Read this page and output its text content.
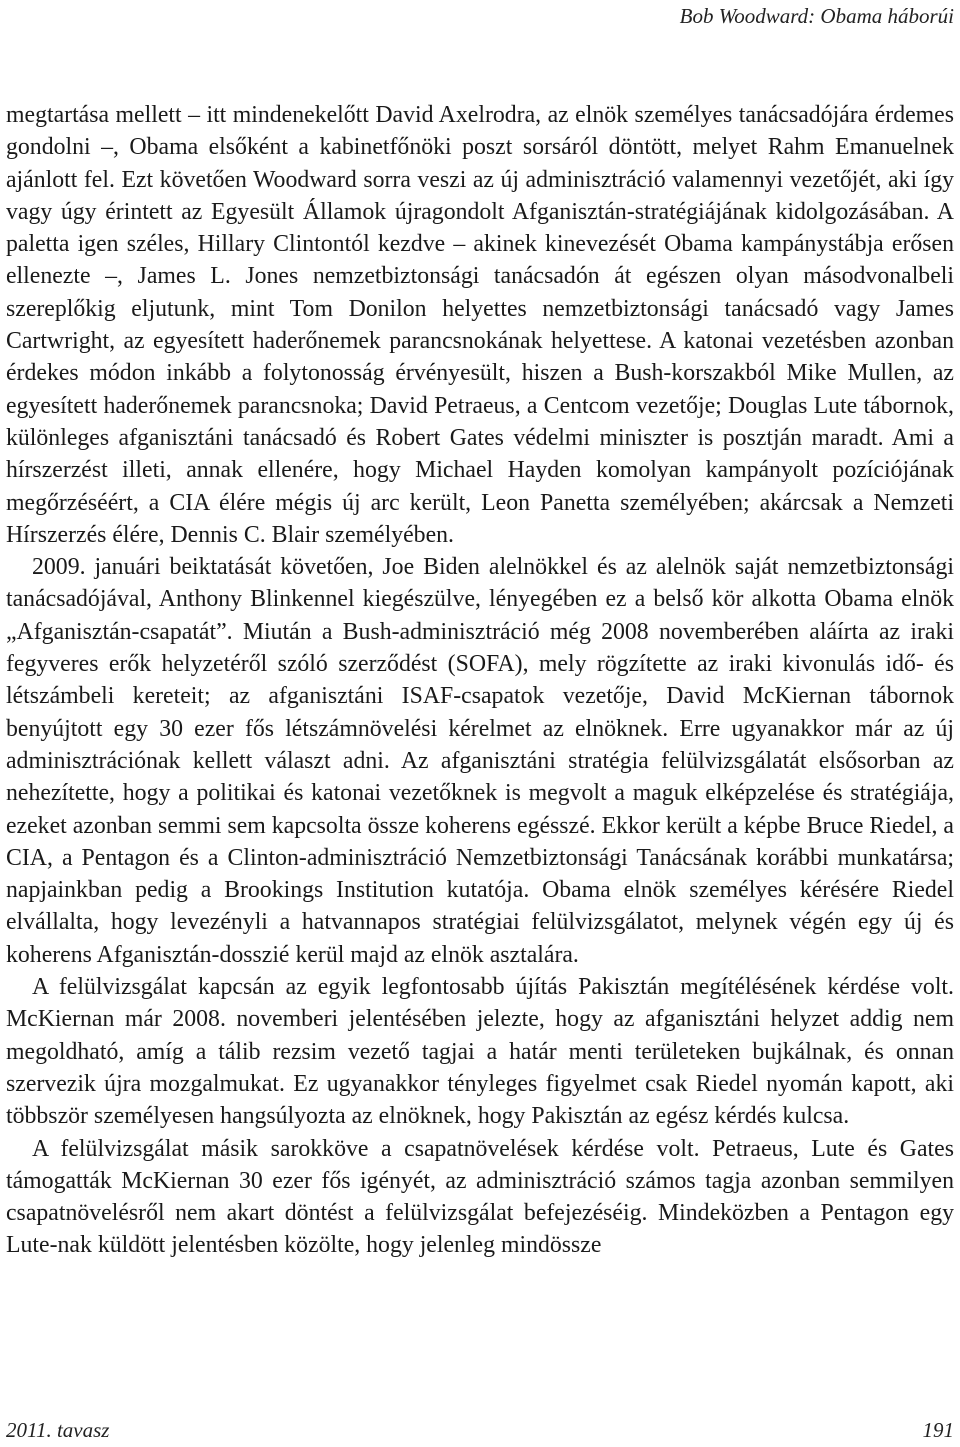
Bob Woodward: Obama háborúi

megtartása mellett – itt mindenekelőtt David Axelrodra, az elnök személyes tanácsadójára érdemes gondolni –, Obama elsőként a kabinetfőnöki poszt sorsáról döntött, melyet Rahm Emanuelnek ajánlott fel. Ezt követően Woodward sorra veszi az új adminisztráció valamennyi vezetőjét, aki így vagy úgy érintett az Egyesült Államok újragondolt Afganisztán-stratégiájának kidolgozásában. A paletta igen széles, Hillary Clintontól kezdve – akinek kinevezését Obama kampánystábja erősen ellenezte –, James L. Jones nemzetbiztonsági tanácsadón át egészen olyan másodvonalbeli szereplőkig eljutunk, mint Tom Donilon helyettes nemzetbiztonsági tanácsadó vagy James Cartwright, az egyesített haderőnemek parancsnokának helyettese. A katonai vezetésben azonban érdekes módon inkább a folytonosság érvényesült, hiszen a Bush-korszakból Mike Mullen, az egyesített haderőnemek parancsnoka; David Petraeus, a Centcom vezetője; Douglas Lute tábornok, különleges afganisztáni tanácsadó és Robert Gates védelmi miniszter is posztján maradt. Ami a hírszerzést illeti, annak ellenére, hogy Michael Hayden komolyan kampányolt pozíciójának megőrzéséért, a CIA élére mégis új arc került, Leon Panetta személyében; akárcsak a Nemzeti Hírszerzés élére, Dennis C. Blair személyében.

2009. januári beiktatását követően, Joe Biden alelnökkel és az alelnök saját nemzetbiztonsági tanácsadójával, Anthony Blinkennel kiegészülve, lényegében ez a belső kör alkotta Obama elnök „Afganisztán-csapatát”. Miután a Bush-adminisztráció még 2008 novemberében aláírta az iraki fegyveres erők helyzetéről szóló szerződést (SOFA), mely rögzítette az iraki kivonulás idő- és létszámbeli kereteit; az afganisztáni ISAF-csapatok vezetője, David McKiernan tábornok benyújtott egy 30 ezer fős létszámnövelési kérelmet az elnöknek. Erre ugyanakkor már az új adminisztrációnak kellett választ adni. Az afganisztáni stratégia felülvizsgálatát elsősorban az nehezítette, hogy a politikai és katonai vezetőknek is megvolt a maguk elképzelése és stratégiája, ezeket azonban semmi sem kapcsolta össze koherens egésszé. Ekkor került a képbe Bruce Riedel, a CIA, a Pentagon és a Clinton-adminisztráció Nemzetbiztonsági Tanácsának korábbi munkatársa; napjainkban pedig a Brookings Institution kutatója. Obama elnök személyes kérésére Riedel elvállalta, hogy levezényli a hatvannapos stratégiai felülvizsgálatot, melynek végén egy új és koherens Afganisztán-dosszié kerül majd az elnök asztalára.

A felülvizsgálat kapcsán az egyik legfontosabb újítás Pakisztán megítélésének kérdése volt. McKiernan már 2008. novemberi jelentésében jelezte, hogy az afganisztáni helyzet addig nem megoldható, amíg a tálib rezsim vezető tagjai a határ menti területeken bujkálnak, és onnan szervezik újra mozgalmukat. Ez ugyanakkor tényleges figyelmet csak Riedel nyomán kapott, aki többször személyesen hangsúlyozta az elnöknek, hogy Pakisztán az egész kérdés kulcsa.

A felülvizsgálat másik sarokköve a csapatnövelések kérdése volt. Petraeus, Lute és Gates támogatták McKiernan 30 ezer fős igényét, az adminisztráció számos tagja azonban semmilyen csapatnövelésről nem akart döntést a felülvizsgálat befejezéséig. Mindeközben a Pentagon egy Lute-nak küldött jelentésben közölte, hogy jelenleg mindössze

2011. tavasz	191
